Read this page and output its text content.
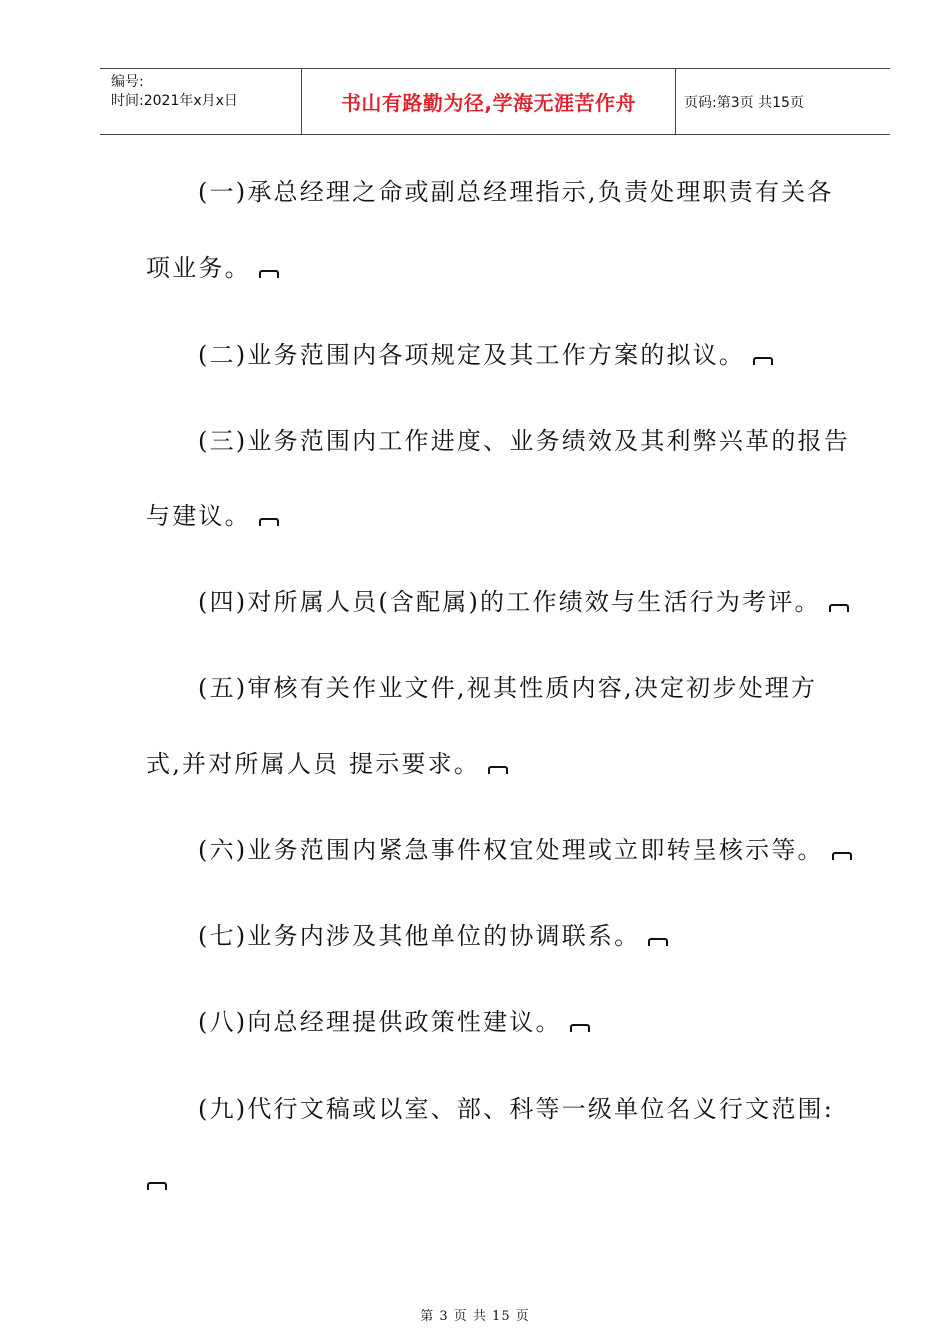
编号:
时间:2021年x月x日	书山有路勤为径,学海无涯苦作舟	页码:第3页 共15页
(一)承总经理之命或副总经理指示,负责处理职责有关各
项业务。
(二)业务范围内各项规定及其工作方案的拟议。
(三)业务范围内工作进度、业务绩效及其利弊兴革的报告
与建议。
(四)对所属人员(含配属)的工作绩效与生活行为考评。
(五)审核有关作业文件,视其性质内容,决定初步处理方
式,并对所属人员 提示要求。
(六)业务范围内紧急事件权宜处理或立即转呈核示等。
(七)业务内涉及其他单位的协调联系。
(八)向总经理提供政策性建议。
(九)代行文稿或以室、部、科等一级单位名义行文范围:
第 3 页 共 15 页
